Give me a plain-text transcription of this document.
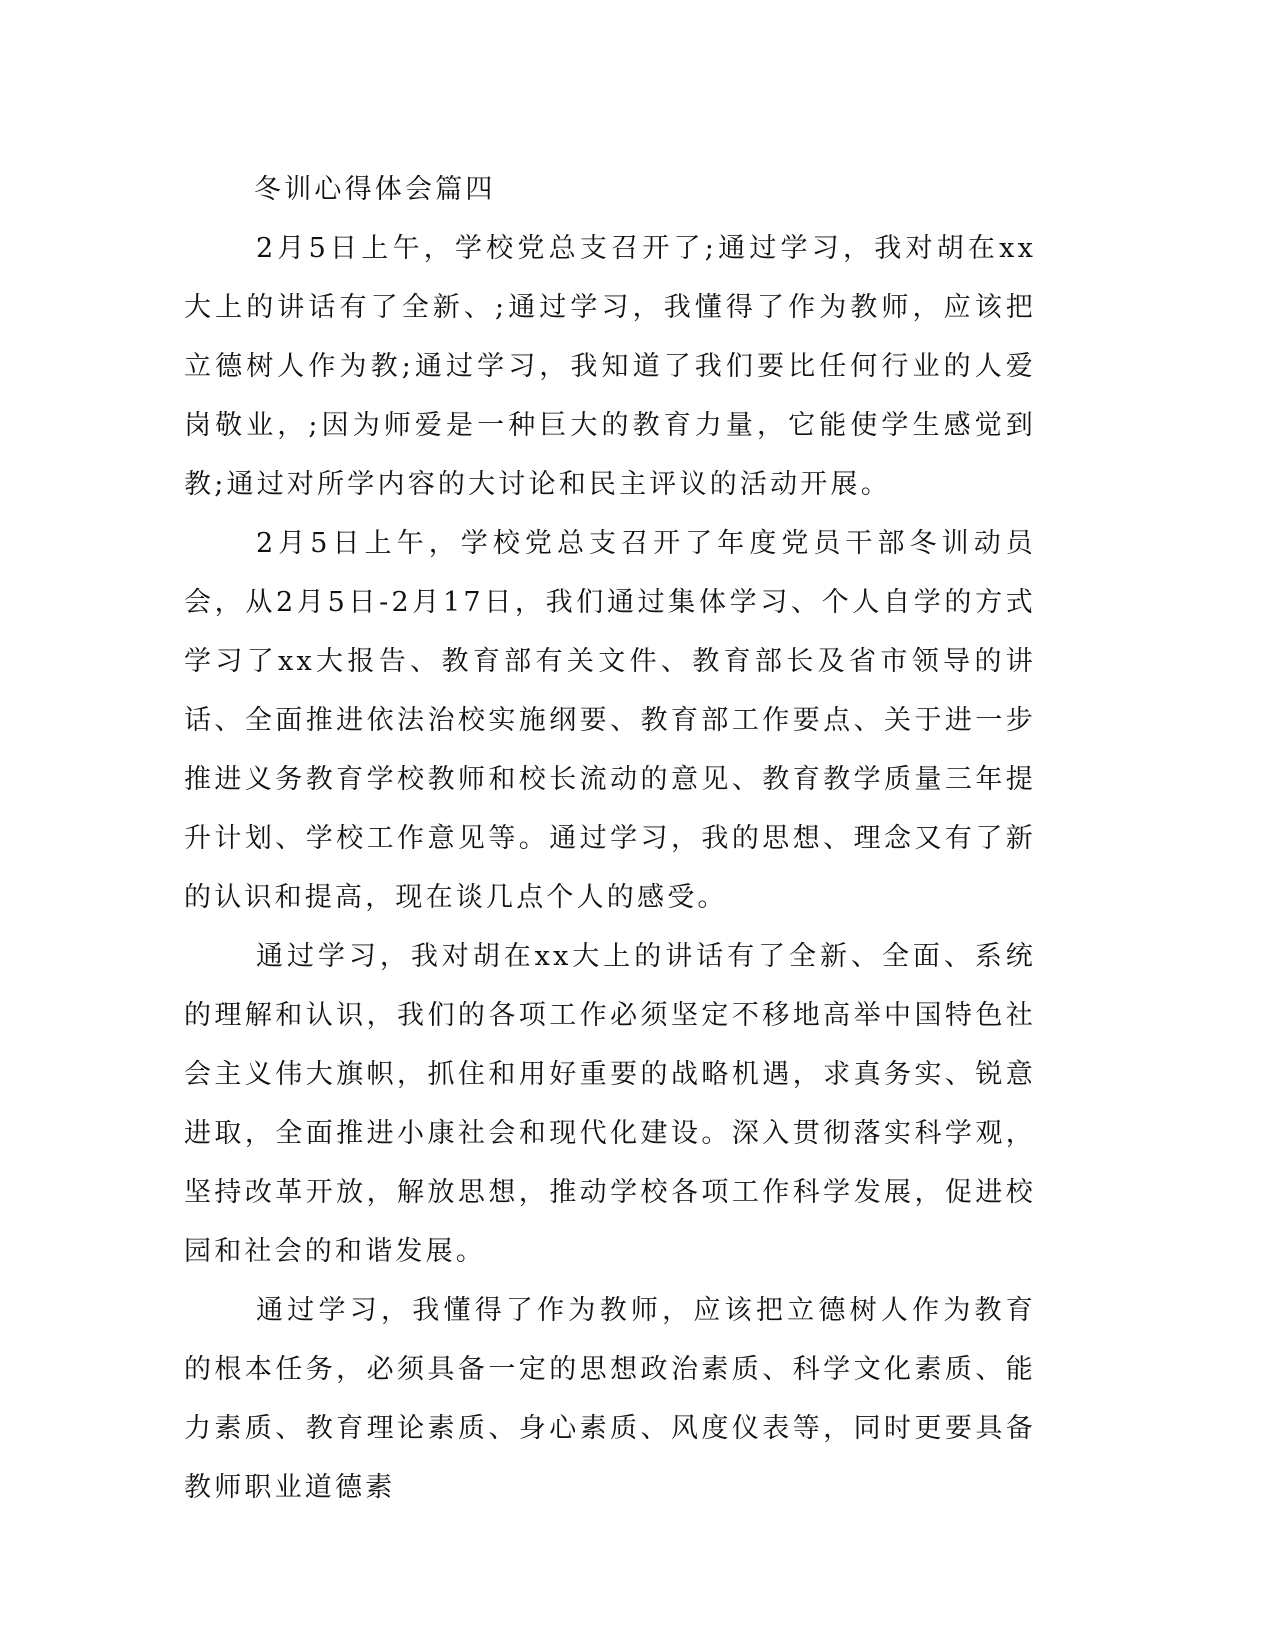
冬训心得体会篇四

2月5日上午，学校党总支召开了;通过学习，我对胡在xx大上的讲话有了全新、;通过学习，我懂得了作为教师，应该把立德树人作为教;通过学习，我知道了我们要比任何行业的人爱岗敬业，;因为师爱是一种巨大的教育力量，它能使学生感觉到教;通过对所学内容的大讨论和民主评议的活动开展。

2月5日上午，学校党总支召开了年度党员干部冬训动员会，从2月5日-2月17日，我们通过集体学习、个人自学的方式学习了xx大报告、教育部有关文件、教育部长及省市领导的讲话、全面推进依法治校实施纲要、教育部工作要点、关于进一步推进义务教育学校教师和校长流动的意见、教育教学质量三年提升计划、学校工作意见等。通过学习，我的思想、理念又有了新的认识和提高，现在谈几点个人的感受。

通过学习，我对胡在xx大上的讲话有了全新、全面、系统的理解和认识，我们的各项工作必须坚定不移地高举中国特色社会主义伟大旗帜，抓住和用好重要的战略机遇，求真务实、锐意进取，全面推进小康社会和现代化建设。深入贯彻落实科学观，坚持改革开放，解放思想，推动学校各项工作科学发展，促进校园和社会的和谐发展。

通过学习，我懂得了作为教师，应该把立德树人作为教育的根本任务，必须具备一定的思想政治素质、科学文化素质、能力素质、教育理论素质、身心素质、风度仪表等，同时更要具备教师职业道德素
